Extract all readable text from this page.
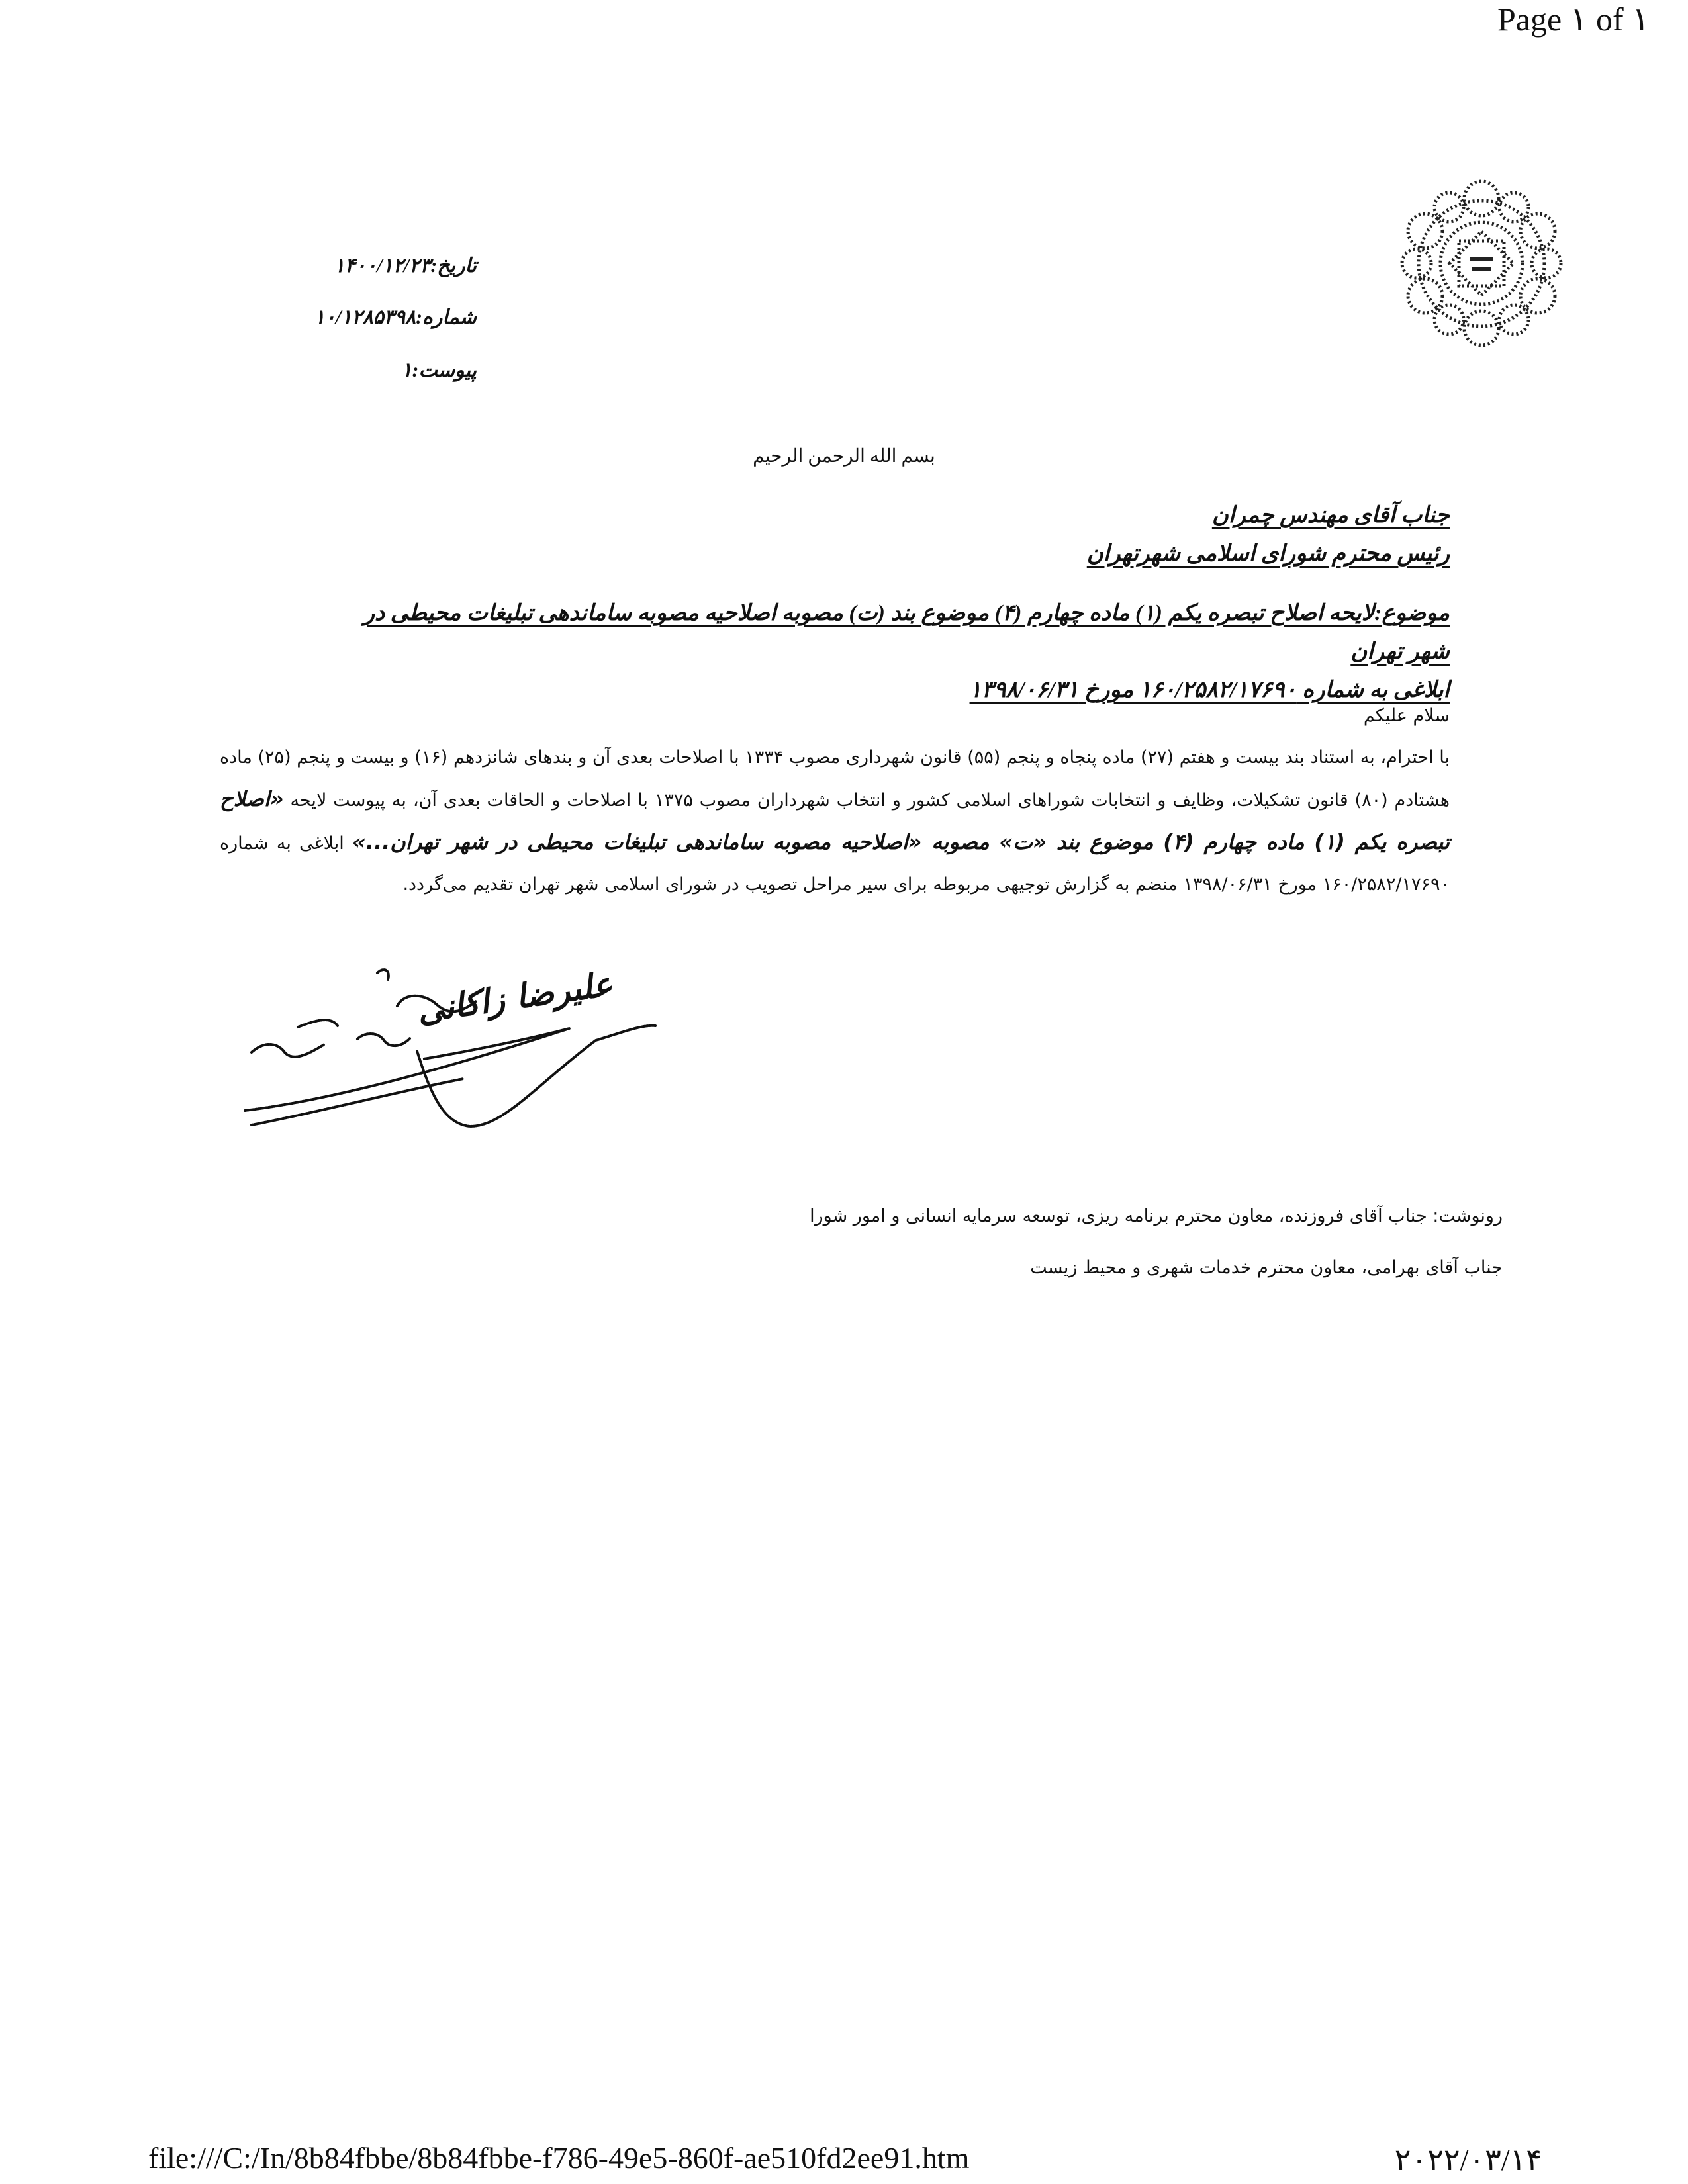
Page ۱ of ۱
تاریخ:۱۴۰۰/۱۲/۲۳
شماره:۱۰/۱۲۸۵۳۹۸
پیوست:۱
بسم الله الرحمن الرحیم
جناب آقای مهندس چمران
رئیس محترم شورای اسلامی شهرتهران
موضوع:لایحه اصلاح تبصره یکم (۱) ماده چهارم (۴) موضوع بند (ت) مصوبه اصلاحیه مصوبه ساماندهی تبلیغات محیطی در شهر تهران
ابلاغی به شماره ۱۶۰/۲۵۸۲/۱۷۶۹۰ مورخ ۱۳۹۸/۰۶/۳۱
سلام علیکم
با احترام، به استناد بند بیست و هفتم (۲۷) ماده پنجاه و پنجم (۵۵) قانون شهرداری مصوب ۱۳۳۴ با اصلاحات بعدی آن و بندهای شانزدهم (۱۶) و بیست و پنجم (۲۵) ماده هشتادم (۸۰) قانون تشکیلات، وظایف و انتخابات شوراهای اسلامی کشور و انتخاب شهرداران مصوب ۱۳۷۵ با اصلاحات و الحاقات بعدی آن، به پیوست لایحه «اصلاح تبصره یکم (۱) ماده چهارم (۴) موضوع بند «ت» مصوبه «اصلاحیه مصوبه ساماندهی تبلیغات محیطی در شهر تهران...» ابلاغی به شماره ۱۶۰/۲۵۸۲/۱۷۶۹۰ مورخ ۱۳۹۸/۰۶/۳۱ منضم به گزارش توجیهی مربوطه برای سیر مراحل تصویب در شورای اسلامی شهر تهران تقدیم می‌گردد.
علیرضا زاکانی
رونوشت: جناب آقای فروزنده، معاون محترم برنامه ریزی، توسعه سرمایه انسانی و امور شورا
جناب آقای بهرامی، معاون محترم خدمات شهری و محیط زیست
file:///C:/In/8b84fbbe/8b84fbbe-f786-49e5-860f-ae510fd2ee91.htm	۲۰۲۲/۰۳/۱۴
